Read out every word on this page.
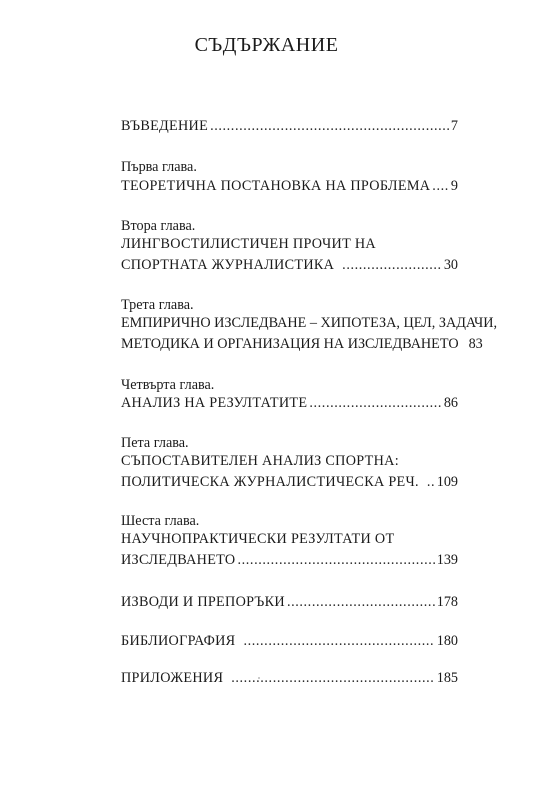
СЪДЪРЖАНИЕ
ВЪВЕДЕНИЕ .....	7
Първа глава.
ТЕОРЕТИЧНА ПОСТАНОВКА НА ПРОБЛЕМА ..... 9
Втора глава.
ЛИНГВОСТИЛИСТИЧЕН ПРОЧИТ НА
СПОРТНАТА ЖУРНАЛИСТИКА .....	30
Трета глава.
ЕМПИРИЧНО ИЗСЛЕДВАНЕ – ХИПОТЕЗА, ЦЕЛ, ЗАДАЧИ,
МЕТОДИКА И ОРГАНИЗАЦИЯ НА ИЗСЛЕДВАНЕТО 83
Четвърта глава.
АНАЛИЗ НА РЕЗУЛТАТИТЕ .....	86
Пета глава.
СЪПОСТАВИТЕЛЕН АНАЛИЗ СПОРТНА:
ПОЛИТИЧЕСКА ЖУРНАЛИСТИЧЕСКА РЕЧ. ..... 109
Шеста глава.
НАУЧНОПРАКТИЧЕСКИ РЕЗУЛТАТИ ОТ
ИЗСЛЕДВАНЕТО .....	139
ИЗВОДИ И ПРЕПОРЪКИ .....	178
БИБЛИОГРАФИЯ .....	180
ПРИЛОЖЕНИЯ .....	185
